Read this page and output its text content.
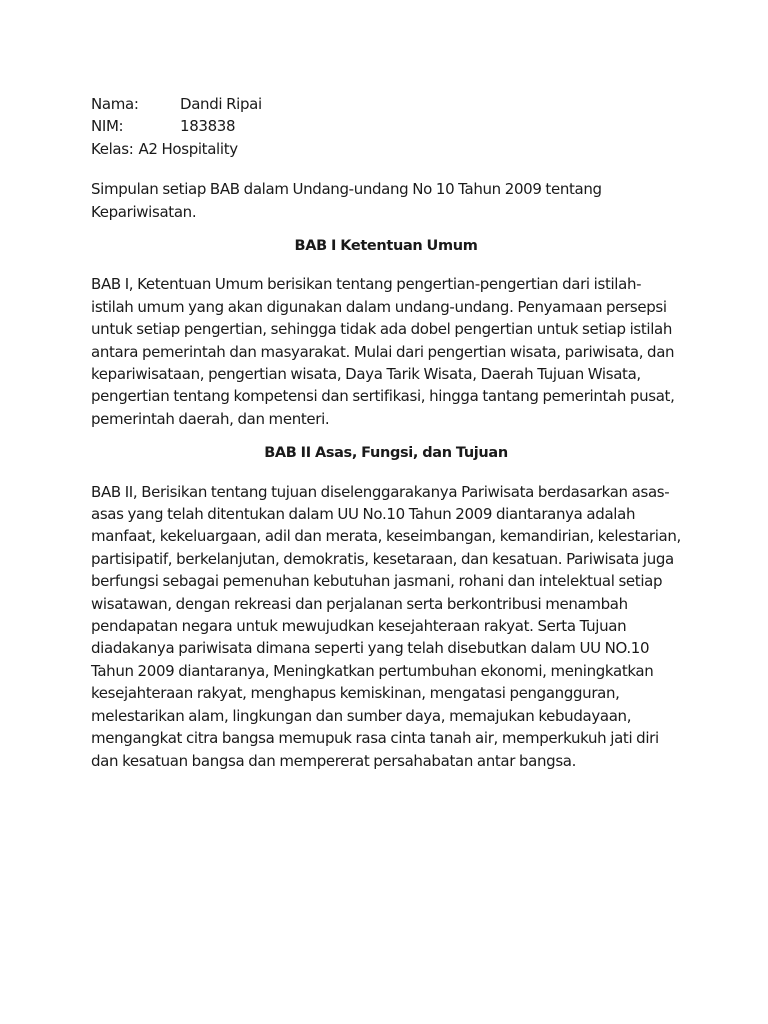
Nama:	Dandi Ripai
NIM:	183838
Kelas: A2 Hospitality

Simpulan setiap BAB dalam Undang-undang No 10 Tahun 2009 tentang Kepariwisatan.

BAB I Ketentuan Umum

BAB I, Ketentuan Umum berisikan tentang pengertian-pengertian dari istilah-istilah umum yang akan digunakan dalam undang-undang. Penyamaan persepsi untuk setiap pengertian, sehingga tidak ada dobel pengertian untuk setiap istilah antara pemerintah dan masyarakat. Mulai dari pengertian wisata, pariwisata, dan kepariwisataan, pengertian wisata, Daya Tarik Wisata, Daerah Tujuan Wisata, pengertian tentang kompetensi dan sertifikasi, hingga tantang pemerintah pusat, pemerintah daerah, dan menteri.

BAB II Asas, Fungsi, dan Tujuan

BAB II, Berisikan tentang tujuan diselenggarakanya Pariwisata berdasarkan asas-asas yang telah ditentukan dalam UU No.10 Tahun 2009 diantaranya adalah manfaat, kekeluargaan, adil dan merata, keseimbangan, kemandirian, kelestarian, partisipatif, berkelanjutan, demokratis, kesetaraan, dan kesatuan. Pariwisata juga berfungsi sebagai pemenuhan kebutuhan jasmani, rohani dan intelektual setiap wisatawan, dengan rekreasi dan perjalanan serta berkontribusi menambah pendapatan negara untuk mewujudkan kesejahteraan rakyat. Serta Tujuan diadakanya pariwisata dimana seperti yang telah disebutkan dalam UU NO.10 Tahun 2009 diantaranya, Meningkatkan pertumbuhan ekonomi, meningkatkan kesejahteraan rakyat, menghapus kemiskinan, mengatasi pengangguran, melestarikan alam, lingkungan dan sumber daya, memajukan kebudayaan, mengangkat citra bangsa memupuk rasa cinta tanah air, memperkukuh jati diri dan kesatuan bangsa dan mempererat persahabatan antar bangsa.
